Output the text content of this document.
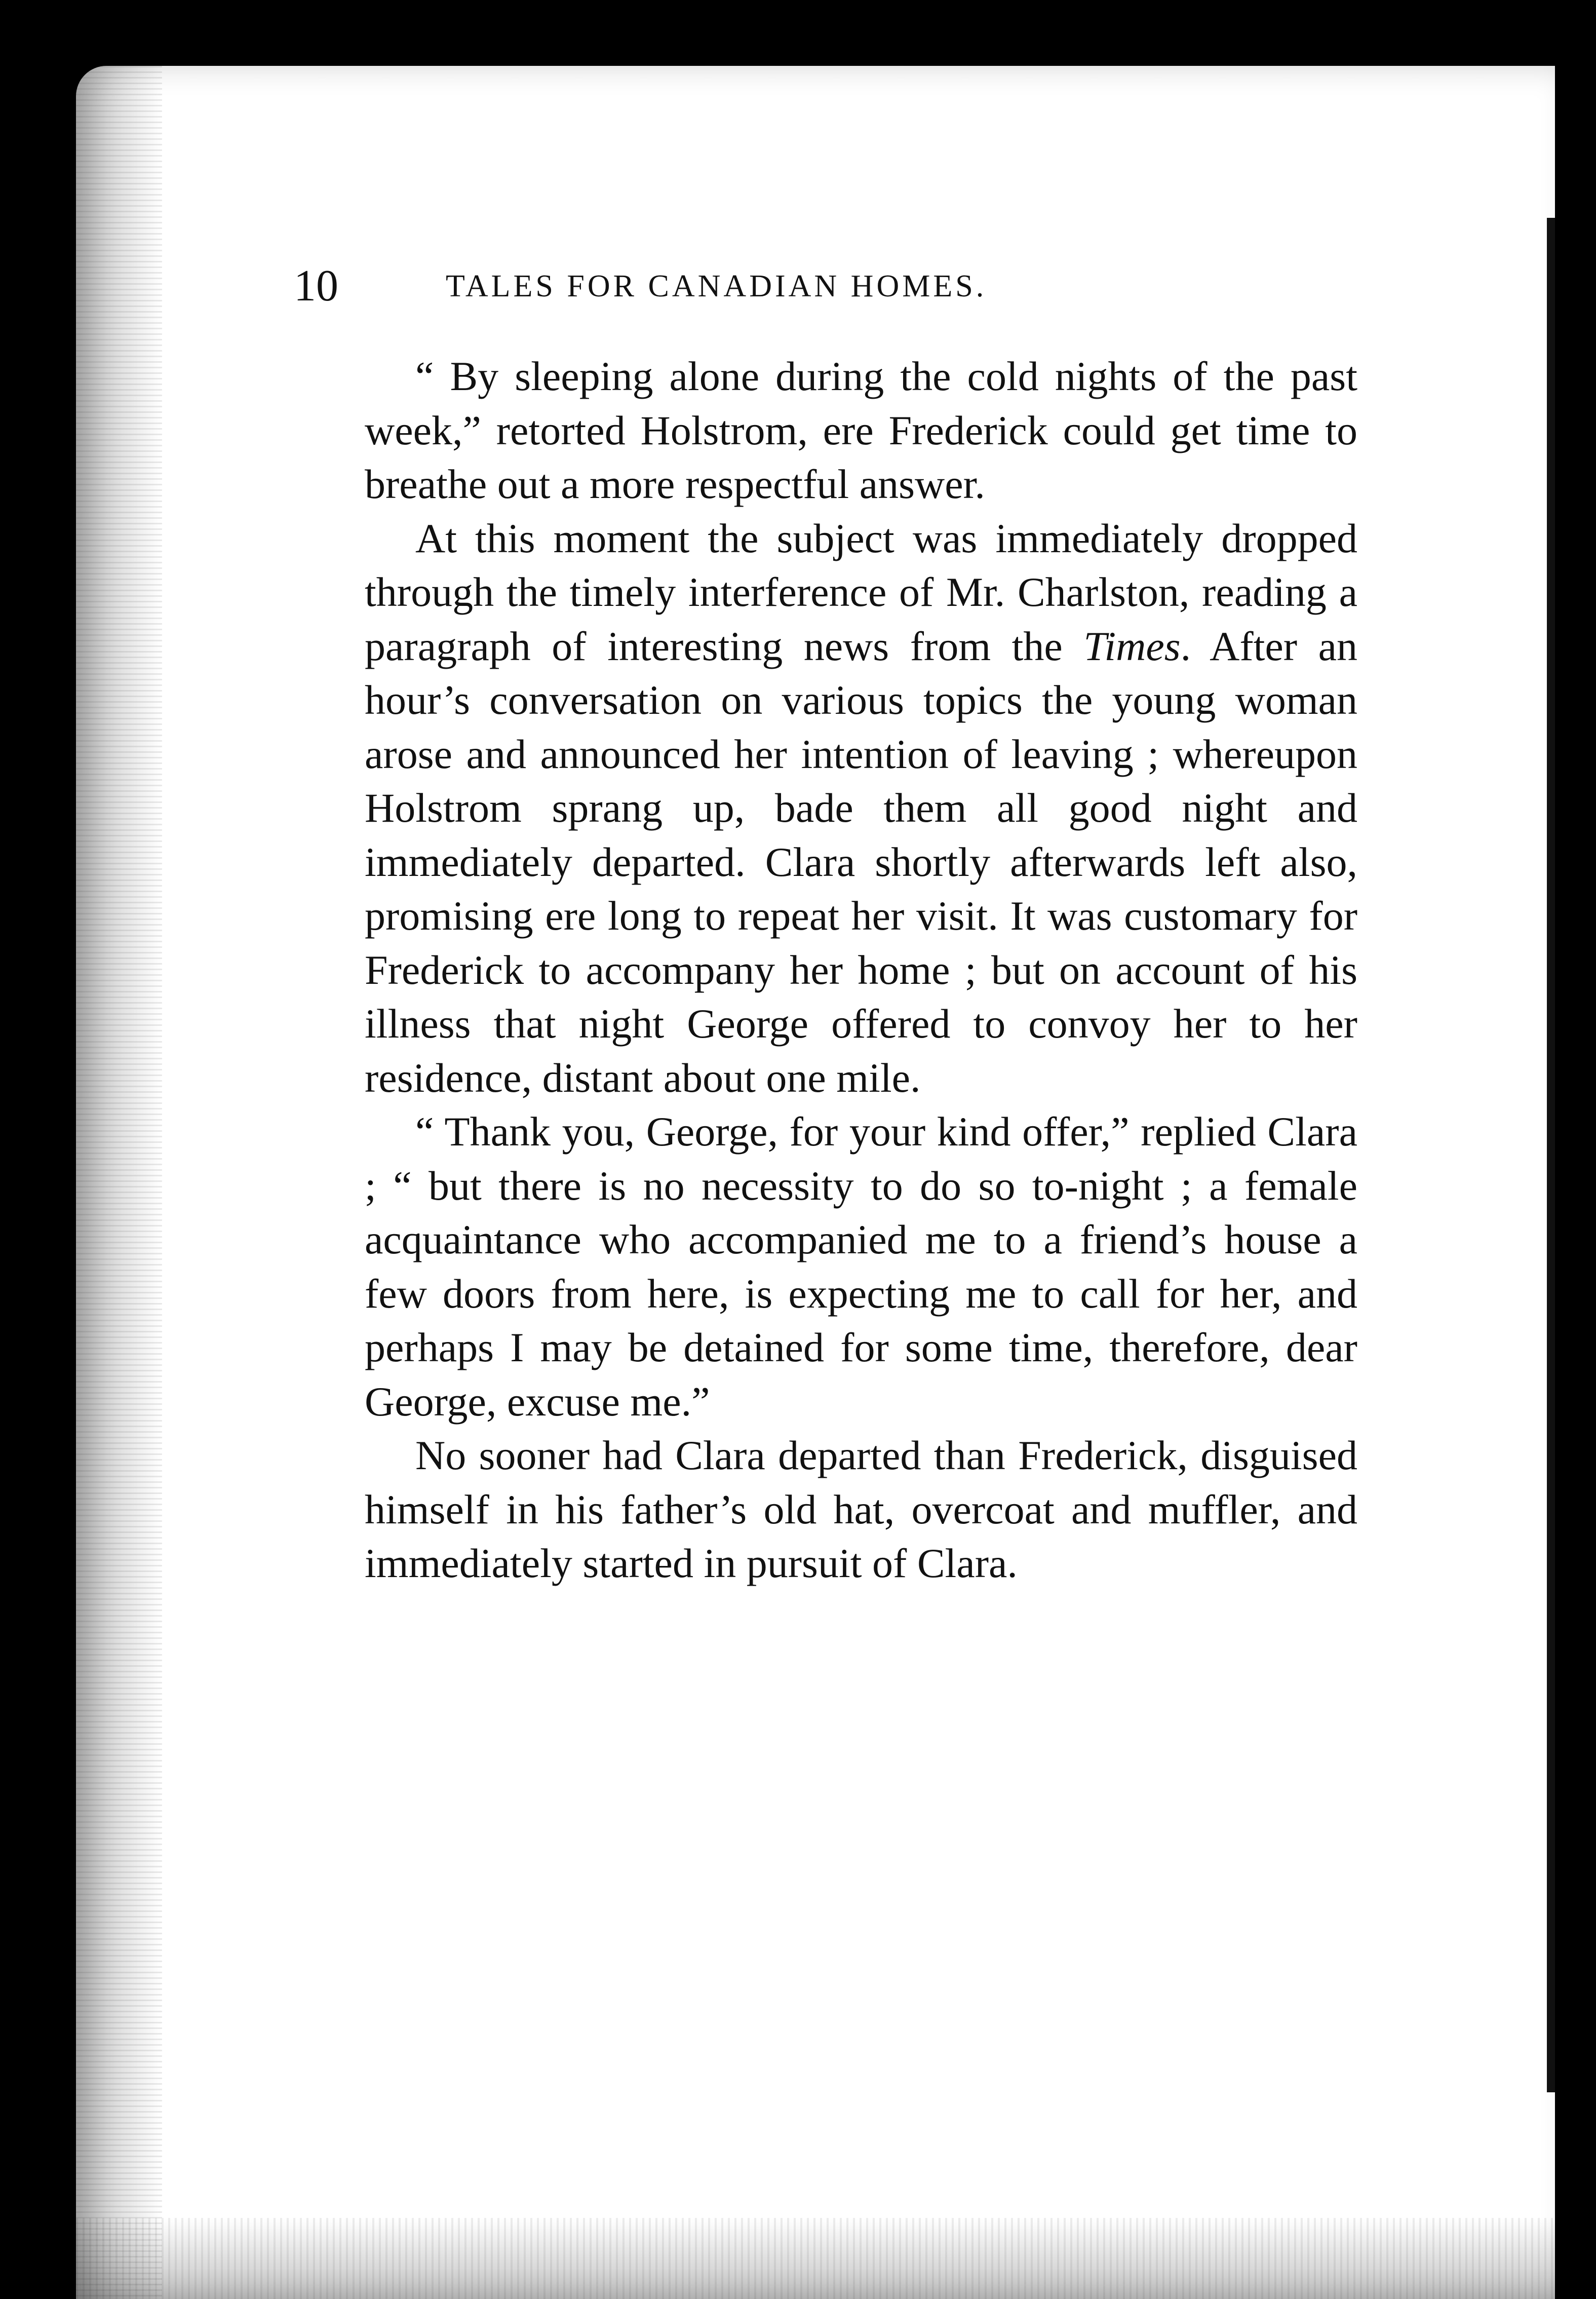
10	TALES FOR CANADIAN HOMES.

“ By sleeping alone during the cold nights of the past week,” retorted Holstrom, ere Frederick could get time to breathe out a more respectful answer.

At this moment the subject was immediately dropped through the timely interference of Mr. Charlston, reading a paragraph of interesting news from the Times. After an hour’s conversation on various topics the young woman arose and announced her intention of leaving ; whereupon Holstrom sprang up, bade them all good night and immediately departed. Clara shortly afterwards left also, promising ere long to repeat her visit. It was customary for Frederick to accompany her home ; but on account of his illness that night George offered to convoy her to her residence, distant about one mile.

“ Thank you, George, for your kind offer,” replied Clara ; “ but there is no necessity to do so to-night ; a female acquaintance who accompanied me to a friend’s house a few doors from here, is expecting me to call for her, and perhaps I may be detained for some time, therefore, dear George, excuse me.”

No sooner had Clara departed than Frederick, disguised himself in his father’s old hat, overcoat and muffler, and immediately started in pursuit of Clara.
